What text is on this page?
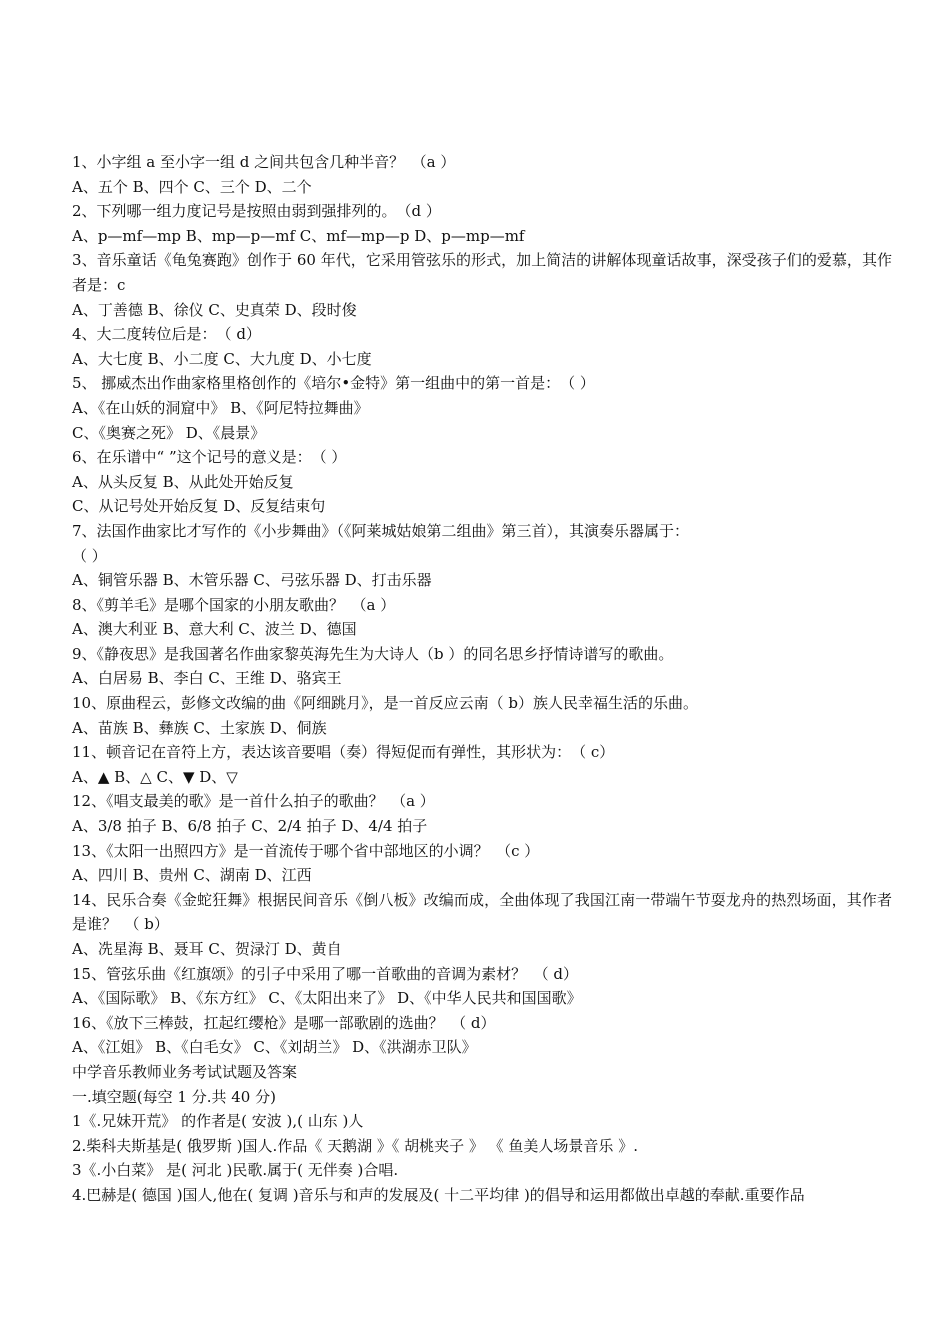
1、小字组 a 至小字一组 d 之间共包含几种半音？　（a ）
A、五个 B、四个 C、三个 D、二个
2、下列哪一组力度记号是按照由弱到强排列的。　（d ）
A、p—mf—mp B、mp—p—mf C、mf—mp—p D、p—mp—mf
3、音乐童话《龟兔赛跑》创作于 60 年代，它采用管弦乐的形式，加上简洁的讲解体现童话故事，深受孩子们的爱慕，其作者是：c
A、丁善德 B、徐仪 C、史真荣 D、段时俊
4、大二度转位后是：　（ d）
A、大七度 B、小二度 C、大九度 D、小七度
5、 挪威杰出作曲家格里格创作的《培尔•金特》第一组曲中的第一首是：　（ ）
A、《在山妖的洞窟中》 B、《阿尼特拉舞曲》
C、《奥赛之死》 D、《晨景》
6、在乐谱中“ ”这个记号的意义是：　（ ）
A、从头反复 B、从此处开始反复
C、从记号处开始反复 D、反复结束句
7、法国作曲家比才写作的《小步舞曲》（《阿莱城姑娘第二组曲》第三首），其演奏乐器属于：
（ ）
A、铜管乐器 B、木管乐器 C、弓弦乐器 D、打击乐器
8、《剪羊毛》是哪个国家的小朋友歌曲？　（a ）
A、澳大利亚 B、意大利 C、波兰 D、德国
9、《静夜思》是我国著名作曲家黎英海先生为大诗人（b ）的同名思乡抒情诗谱写的歌曲。
A、白居易 B、李白 C、王维 D、骆宾王
10、原曲程云，彭修文改编的曲《阿细跳月》，是一首反应云南（ b）族人民幸福生活的乐曲。
A、苗族 B、彝族 C、土家族 D、侗族
11、顿音记在音符上方，表达该音要唱（奏）得短促而有弹性，其形状为：　（ c）
A、▲ B、△ C、▼ D、▽
12、《唱支最美的歌》是一首什么拍子的歌曲？　（a ）
A、3/8 拍子 B、6/8 拍子 C、2/4 拍子 D、4/4 拍子
13、《太阳一出照四方》是一首流传于哪个省中部地区的小调？　（c ）
A、四川 B、贵州 C、湖南 D、江西
14、民乐合奏《金蛇狂舞》根据民间音乐《倒八板》改编而成，全曲体现了我国江南一带端午节耍龙舟的热烈场面，其作者是谁？　（ b）
A、冼星海 B、聂耳 C、贺渌汀 D、黄自
15、管弦乐曲《红旗颂》的引子中采用了哪一首歌曲的音调为素材？　（ d）
A、《国际歌》 B、《东方红》 C、《太阳出来了》 D、《中华人民共和国国歌》
16、《放下三棒鼓，扛起红缨枪》是哪一部歌剧的选曲？　（ d）
A、《江姐》 B、《白毛女》 C、《刘胡兰》 D、《洪湖赤卫队》
中学音乐教师业务考试试题及答案
一.填空题(每空 1 分.共 40 分)
1《.兄妹开荒》 的作者是( 安波 ),( 山东 )人
2.柴科夫斯基是( 俄罗斯 )国人.作品《 天鹅湖 》《 胡桃夹子 》 《 鱼美人场景音乐 》.
3《.小白菜》 是( 河北 )民歌.属于( 无伴奏 )合唱.
4.巴赫是( 德国 )国人,他在( 复调 )音乐与和声的发展及( 十二平均律 )的倡导和运用都做出卓越的奉献.重要作品
